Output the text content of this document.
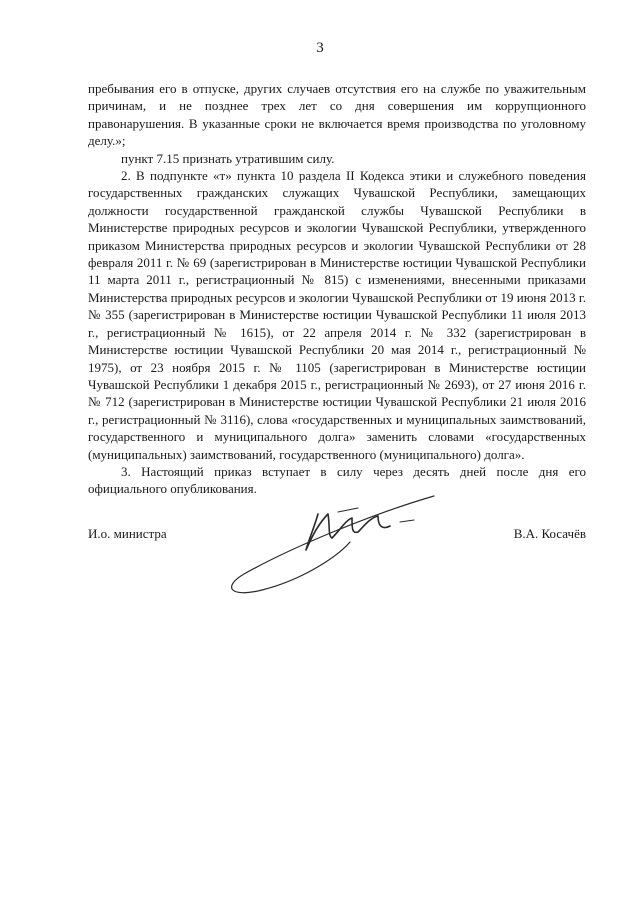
3

пребывания его в отпуске, других случаев отсутствия его на службе по уважительным причинам, и не позднее трех лет со дня совершения им коррупционного правонарушения. В указанные сроки не включается время производства по уголовному делу.»;

пункт 7.15 признать утратившим силу.

2. В подпункте «т» пункта 10 раздела II Кодекса этики и служебного поведения государственных гражданских служащих Чувашской Республики, замещающих должности государственной гражданской службы Чувашской Республики в Министерстве природных ресурсов и экологии Чувашской Республики, утвержденного приказом Министерства природных ресурсов и экологии Чувашской Республики от 28 февраля 2011 г. № 69 (зарегистрирован в Министерстве юстиции Чувашской Республики 11 марта 2011 г., регистрационный № 815) с изменениями, внесенными приказами Министерства природных ресурсов и экологии Чувашской Республики от 19 июня 2013 г. № 355 (зарегистрирован в Министерстве юстиции Чувашской Республики 11 июля 2013 г., регистрационный № 1615), от 22 апреля 2014 г. № 332 (зарегистрирован в Министерстве юстиции Чувашской Республики 20 мая 2014 г., регистрационный № 1975), от 23 ноября 2015 г. № 1105 (зарегистрирован в Министерстве юстиции Чувашской Республики 1 декабря 2015 г., регистрационный № 2693), от 27 июня 2016 г. № 712 (зарегистрирован в Министерстве юстиции Чувашской Республики 21 июля 2016 г., регистрационный № 3116), слова «государственных и муниципальных заимствований, государственного и муниципального долга» заменить словами «государственных (муниципальных) заимствований, государственного (муниципального) долга».

3. Настоящий приказ вступает в силу через десять дней после дня его официального опубликования.

И.о. министра	В.А. Косачёв
